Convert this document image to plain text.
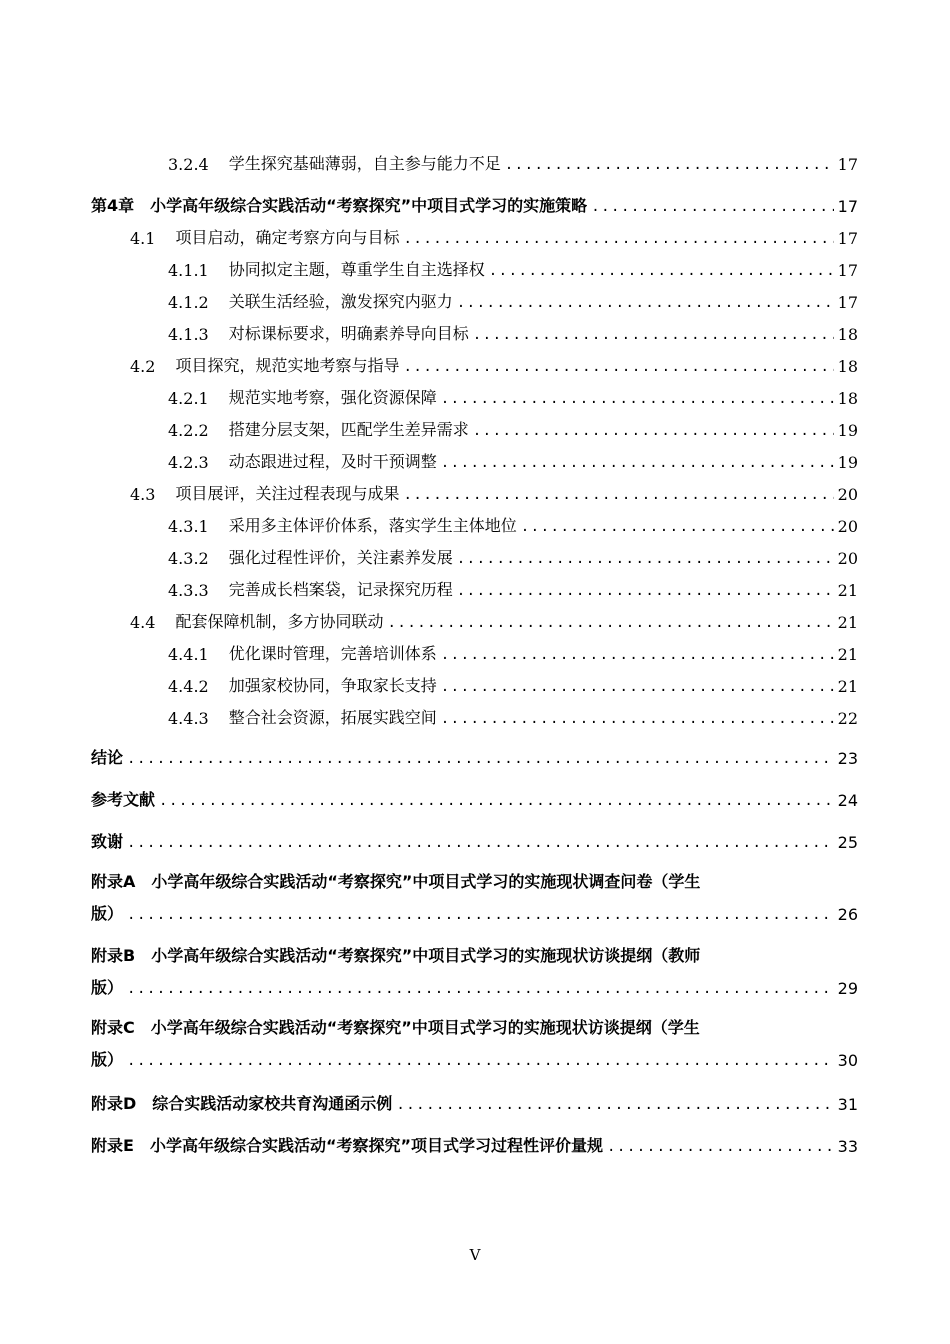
3.2.4 学生探究基础薄弱，自主参与能力不足 .....	17
第4章 小学高年级综合实践活动“考察探究”中项目式学习的实施策略 .....	17
4.1 项目启动，确定考察方向与目标 .....	17
4.1.1 协同拟定主题，尊重学生自主选择权 .....	17
4.1.2 关联生活经验，激发探究内驱力 .....	17
4.1.3 对标课标要求，明确素养导向目标 .....	18
4.2 项目探究，规范实地考察与指导 .....	18
4.2.1 规范实地考察，强化资源保障 .....	18
4.2.2 搭建分层支架，匹配学生差异需求 .....	19
4.2.3 动态跟进过程，及时干预调整 .....	19
4.3 项目展评，关注过程表现与成果 .....	20
4.3.1 采用多主体评价体系，落实学生主体地位 .....	20
4.3.2 强化过程性评价，关注素养发展 .....	20
4.3.3 完善成长档案袋，记录探究历程 .....	21
4.4 配套保障机制，多方协同联动 .....	21
4.4.1 优化课时管理，完善培训体系 .....	21
4.4.2 加强家校协同，争取家长支持 .....	21
4.4.3 整合社会资源，拓展实践空间 .....	22
结论 .....	23
参考文献 .....	24
致谢 .....	25
附录A 小学高年级综合实践活动“考察探究”中项目式学习的实施现状调查问卷（学生
版） .....	26
附录B 小学高年级综合实践活动“考察探究”中项目式学习的实施现状访谈提纲（教师
版） .....	29
附录C 小学高年级综合实践活动“考察探究”中项目式学习的实施现状访谈提纲（学生
版） .....	30
附录D 综合实践活动家校共育沟通函示例 .....	31
附录E 小学高年级综合实践活动“考察探究”项目式学习过程性评价量规 .....	33
V
